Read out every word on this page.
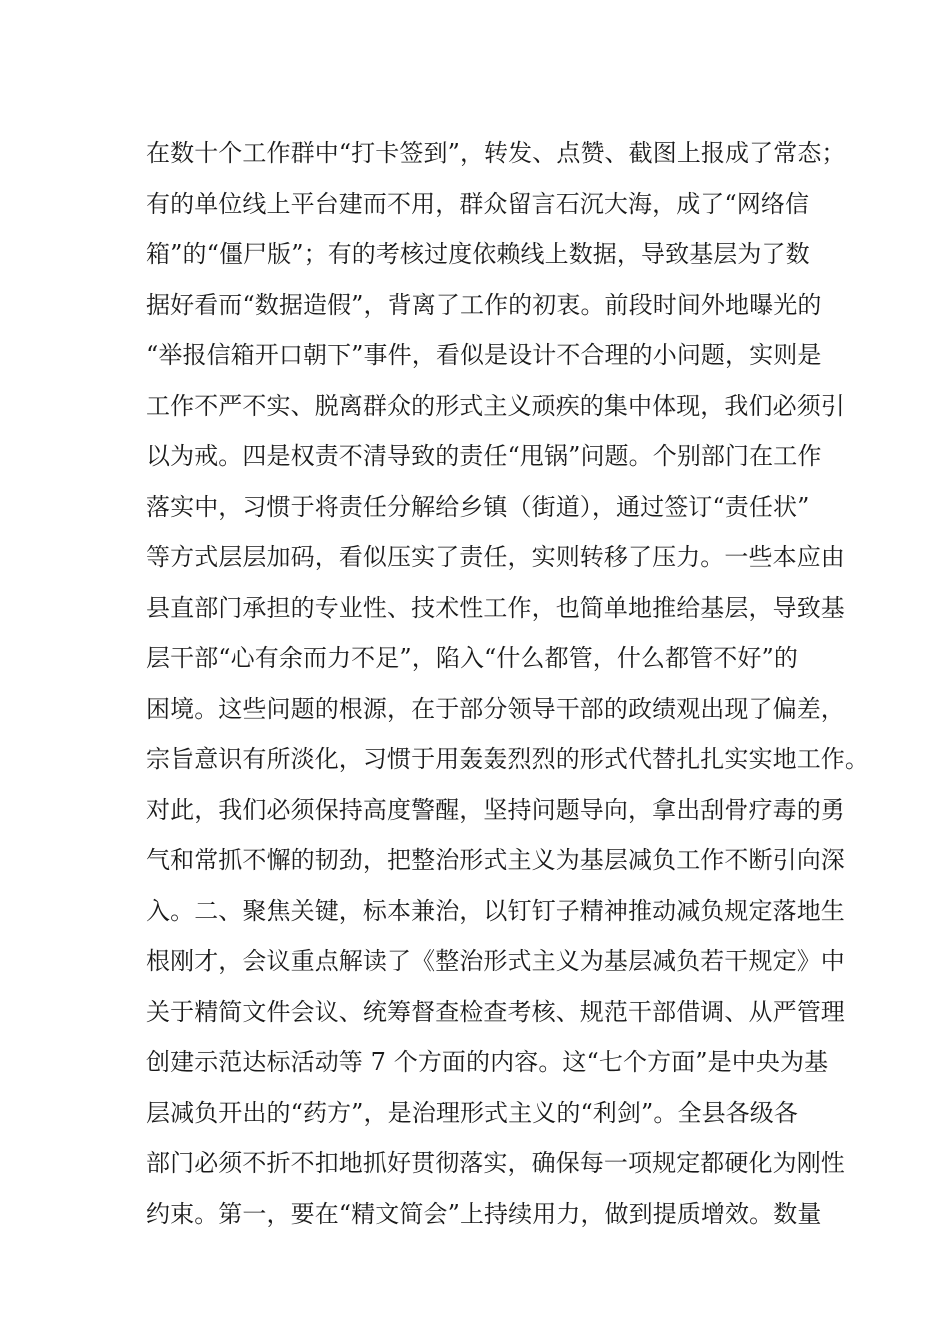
在数十个工作群中“打卡签到”，转发、点赞、截图上报成了常态；
有的单位线上平台建而不用，群众留言石沉大海，成了“网络信
箱”的“僵尸版”；有的考核过度依赖线上数据，导致基层为了数
据好看而“数据造假”，背离了工作的初衷。前段时间外地曝光的
“举报信箱开口朝下”事件，看似是设计不合理的小问题，实则是
工作不严不实、脱离群众的形式主义顽疾的集中体现，我们必须引
以为戒。四是权责不清导致的责任“甩锅”问题。个别部门在工作
落实中，习惯于将责任分解给乡镇（街道），通过签订“责任状”
等方式层层加码，看似压实了责任，实则转移了压力。一些本应由
县直部门承担的专业性、技术性工作，也简单地推给基层，导致基
层干部“心有余而力不足”，陷入“什么都管，什么都管不好”的
困境。这些问题的根源，在于部分领导干部的政绩观出现了偏差，
宗旨意识有所淡化，习惯于用轰轰烈烈的形式代替扎扎实实地工作。
对此，我们必须保持高度警醒，坚持问题导向，拿出刮骨疗毒的勇
气和常抓不懈的韧劲，把整治形式主义为基层减负工作不断引向深
入。二、聚焦关键，标本兼治，以钉钉子精神推动减负规定落地生
根刚才，会议重点解读了《整治形式主义为基层减负若干规定》中
关于精简文件会议、统筹督查检查考核、规范干部借调、从严管理
创建示范达标活动等 7 个方面的内容。这“七个方面”是中央为基
层减负开出的“药方”，是治理形式主义的“利剑”。全县各级各
部门必须不折不扣地抓好贯彻落实，确保每一项规定都硬化为刚性
约束。第一，要在“精文简会”上持续用力，做到提质增效。数量
